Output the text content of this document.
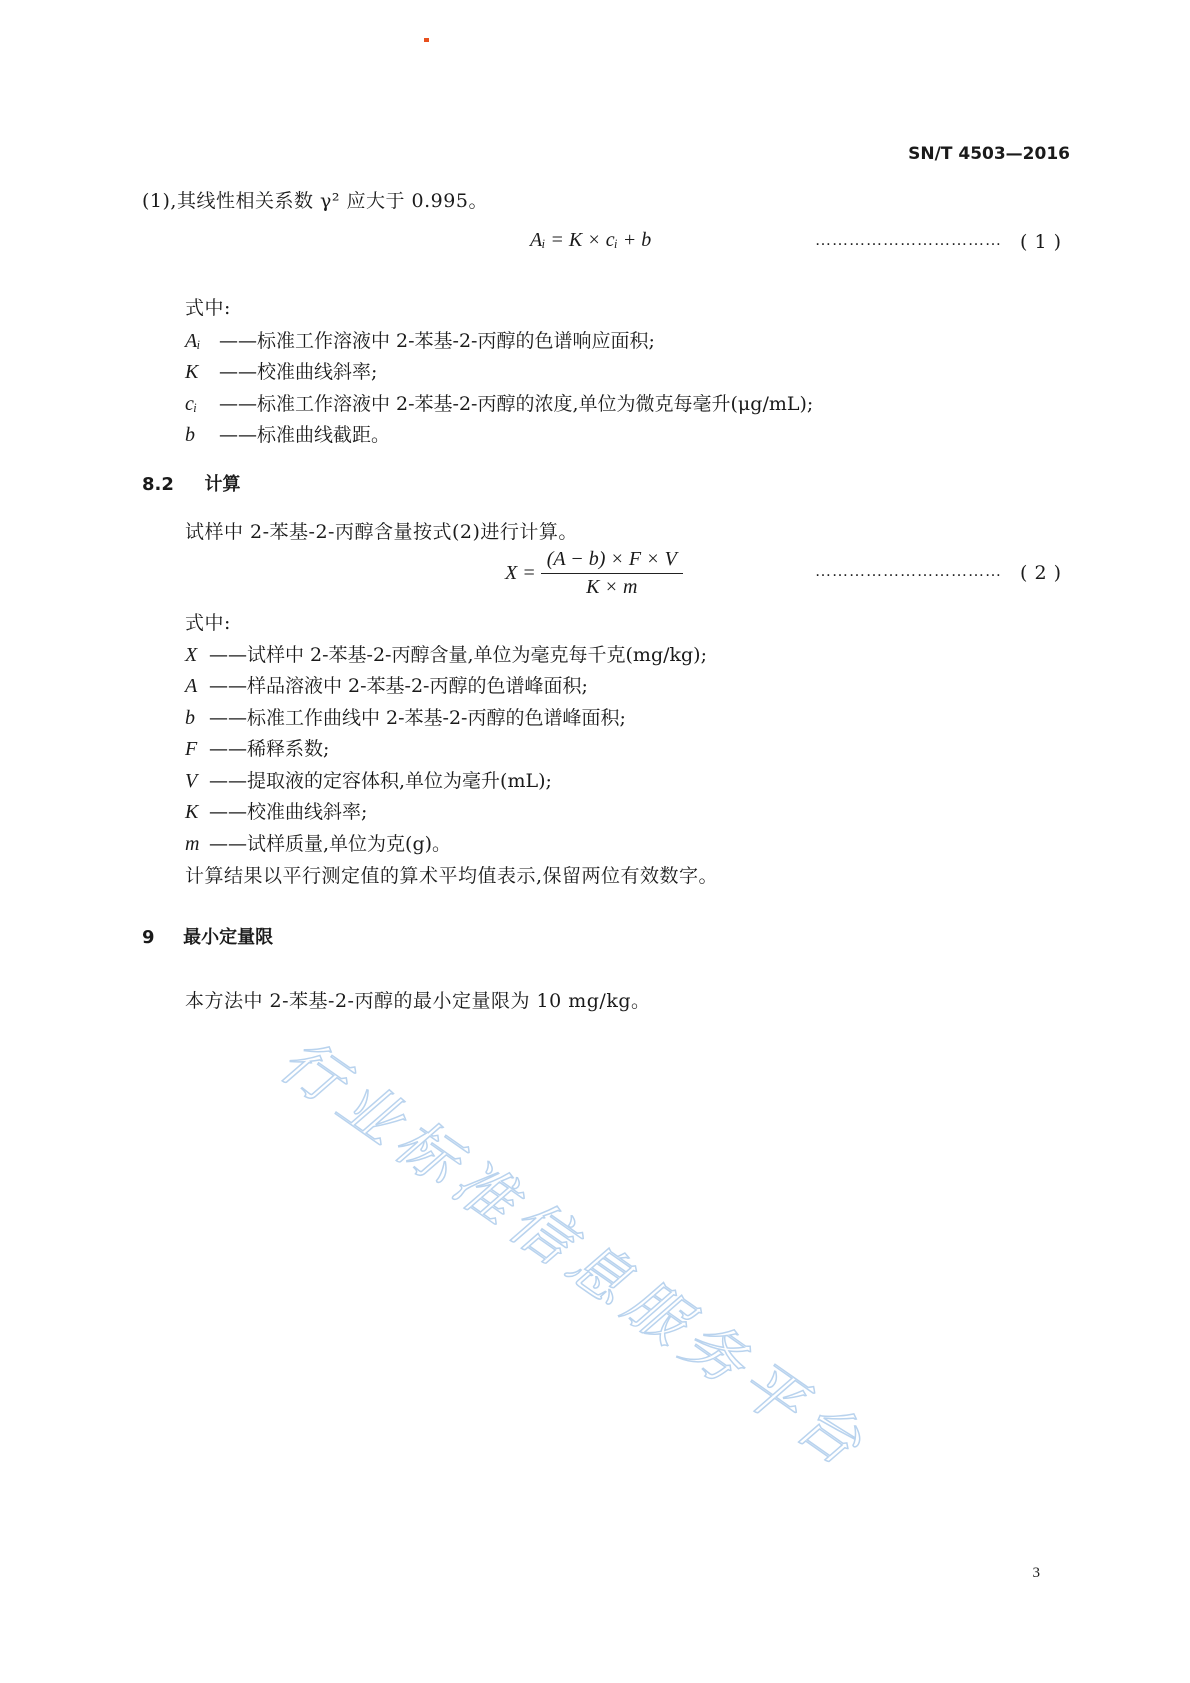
SN/T 4503—2016
(1),其线性相关系数 γ² 应大于 0.995。
Aᵢ = K × cᵢ + b	…………………………… ( 1 )
式中:
Aᵢ ——标准工作溶液中 2-苯基-2-丙醇的色谱响应面积;
K ——校准曲线斜率;
cᵢ ——标准工作溶液中 2-苯基-2-丙醇的浓度,单位为微克每毫升(μg/mL);
b ——标准曲线截距。
8.2 计算
试样中 2-苯基-2-丙醇含量按式(2)进行计算。
$X = \frac{(A - b) \times F \times V}{K \times m}$	…………………………… ( 2 )
式中:
X ——试样中 2-苯基-2-丙醇含量,单位为毫克每千克(mg/kg);
A ——样品溶液中 2-苯基-2-丙醇的色谱峰面积;
b ——标准工作曲线中 2-苯基-2-丙醇的色谱峰面积;
F ——稀释系数;
V ——提取液的定容体积,单位为毫升(mL);
K ——校准曲线斜率;
m ——试样质量,单位为克(g)。
计算结果以平行测定值的算术平均值表示,保留两位有效数字。
9 最小定量限
本方法中 2-苯基-2-丙醇的最小定量限为 10 mg/kg。
行业标准信息服务平台
3
